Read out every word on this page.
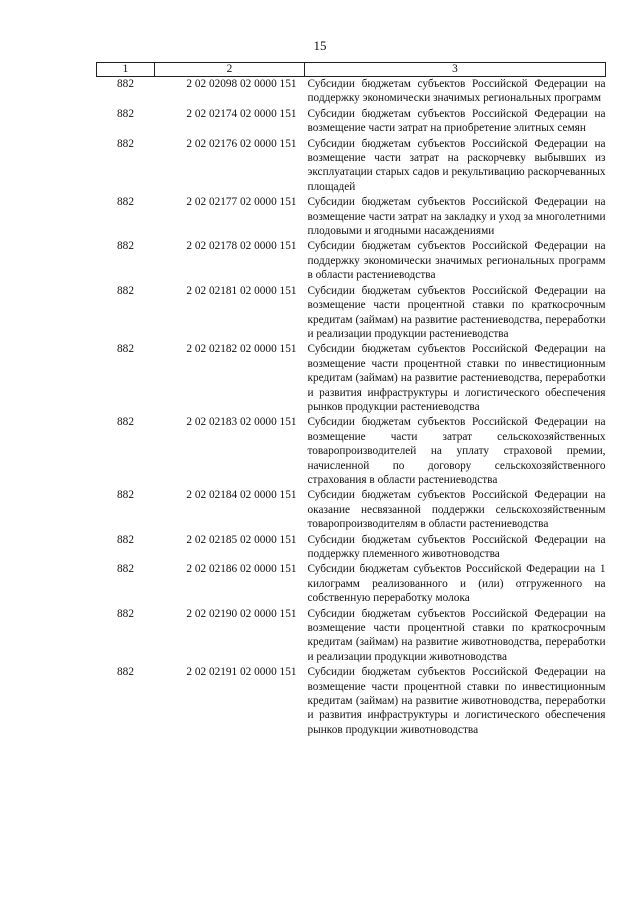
15
1	2	3
882	2 02 02098 02 0000 151	Субсидии бюджетам субъектов Российской Федерации на поддержку экономически значимых региональных программ
882	2 02 02174 02 0000 151	Субсидии бюджетам субъектов Российской Федерации на возмещение части затрат на приобретение элитных семян
882	2 02 02176 02 0000 151	Субсидии бюджетам субъектов Российской Федерации на возмещение части затрат на раскорчевку выбывших из эксплуатации старых садов и рекультивацию раскорчеванных площадей
882	2 02 02177 02 0000 151	Субсидии бюджетам субъектов Российской Федерации на возмещение части затрат на закладку и уход за многолетними плодовыми и ягодными насаждениями
882	2 02 02178 02 0000 151	Субсидии бюджетам субъектов Российской Федерации на поддержку экономически значимых региональных программ в области растениеводства
882	2 02 02181 02 0000 151	Субсидии бюджетам субъектов Российской Федерации на возмещение части процентной ставки по краткосрочным кредитам (займам) на развитие растениеводства, переработки и реализации продукции растениеводства
882	2 02 02182 02 0000 151	Субсидии бюджетам субъектов Российской Федерации на возмещение части процентной ставки по инвестиционным кредитам (займам) на развитие растениеводства, переработки и развития инфраструктуры и логистического обеспечения рынков продукции растениеводства
882	2 02 02183 02 0000 151	Субсидии бюджетам субъектов Российской Федерации на возмещение части затрат сельскохозяйственных товаропроизводителей на уплату страховой премии, начисленной по договору сельскохозяйственного страхования в области растениеводства
882	2 02 02184 02 0000 151	Субсидии бюджетам субъектов Российской Федерации на оказание несвязанной поддержки сельскохозяйственным товаропроизводителям в области растениеводства
882	2 02 02185 02 0000 151	Субсидии бюджетам субъектов Российской Федерации на поддержку племенного животноводства
882	2 02 02186 02 0000 151	Субсидии бюджетам субъектов Российской Федерации на 1 килограмм реализованного и (или) отгруженного на собственную переработку молока
882	2 02 02190 02 0000 151	Субсидии бюджетам субъектов Российской Федерации на возмещение части процентной ставки по краткосрочным кредитам (займам) на развитие животноводства, переработки и реализации продукции животноводства
882	2 02 02191 02 0000 151	Субсидии бюджетам субъектов Российской Федерации на возмещение части процентной ставки по инвестиционным кредитам (займам) на развитие животноводства, переработки и развития инфраструктуры и логистического обеспечения рынков продукции животноводства
